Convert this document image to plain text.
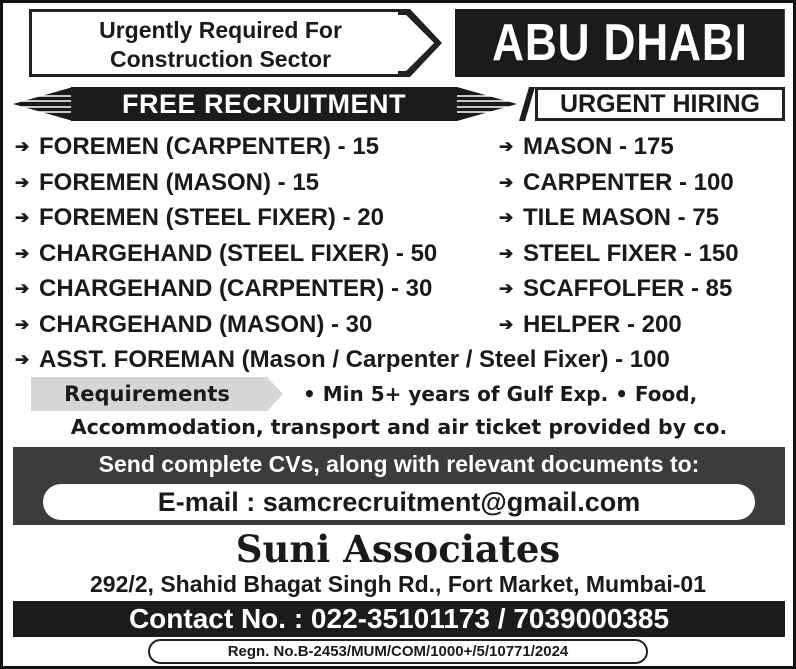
Urgently Required For
Construction Sector	ABU DHABI
FREE RECRUITMENT	URGENT HIRING
➔ FOREMEN (CARPENTER) - 15
➔ FOREMEN (MASON) - 15
➔ FOREMEN (STEEL FIXER) - 20
➔ CHARGEHAND (STEEL FIXER) - 50
➔ CHARGEHAND (CARPENTER) - 30
➔ CHARGEHAND (MASON) - 30
➔ MASON - 175
➔ CARPENTER - 100
➔ TILE MASON - 75
➔ STEEL FIXER - 150
➔ SCAFFOLFER - 85
➔ HELPER - 200
➔ ASST. FOREMAN (Mason / Carpenter / Steel Fixer) - 100
Requirements	• Min 5+ years of Gulf Exp. • Food,
Accommodation, transport and air ticket provided by co.
Send complete CVs, along with relevant documents to:
E-mail : samcrecruitment@gmail.com
Suni Associates
292/2, Shahid Bhagat Singh Rd., Fort Market, Mumbai-01
Contact No. : 022-35101173 / 7039000385
Regn. No.B-2453/MUM/COM/1000+/5/10771/2024
